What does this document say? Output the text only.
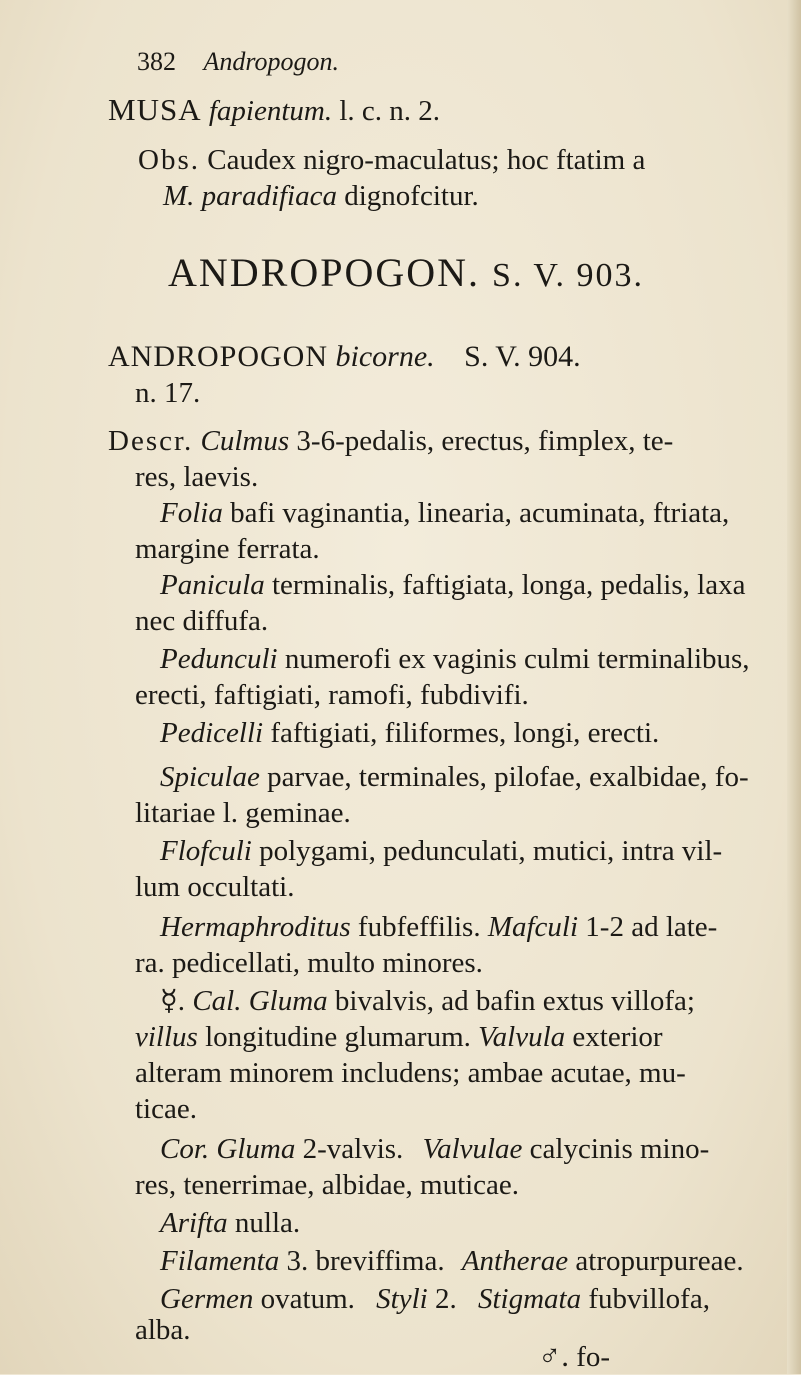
382 Andropogon.
MUSA fapientum. l. c. n. 2.
Obs. Caudex nigro-maculatus; hoc ftatim a
M. paradifiaca dignofcitur.
ANDROPOGON. S. V. 903.
ANDROPOGON bicorne. S. V. 904.
n. 17.
Descr. Culmus 3-6-pedalis, erectus, fimplex, te-
res, laevis.
Folia bafi vaginantia, linearia, acuminata, ftriata,
margine ferrata.
Panicula terminalis, faftigiata, longa, pedalis, laxa
nec diffufa.
Pedunculi numerofi ex vaginis culmi terminalibus,
erecti, faftigiati, ramofi, fubdivifi.
Pedicelli faftigiati, filiformes, longi, erecti.
Spiculae parvae, terminales, pilofae, exalbidae, fo-
litariae l. geminae.
Flofculi polygami, pedunculati, mutici, intra vil-
lum occultati.
Hermaphroditus fubfeffilis. Mafculi 1-2 ad late-
ra. pedicellati, multo minores.
☿. Cal. Gluma bivalvis, ad bafin extus villofa;
villus longitudine glumarum. Valvula exterior
alteram minorem includens; ambae acutae, mu-
ticae.
Cor. Gluma 2-valvis. Valvulae calycinis mino-
res, tenerrimae, albidae, muticae.
Arifta nulla.
Filamenta 3. breviffima. Antherae atropurpureae.
Germen ovatum. Styli 2. Stigmata fubvillofa,
alba.
♂. fo-
